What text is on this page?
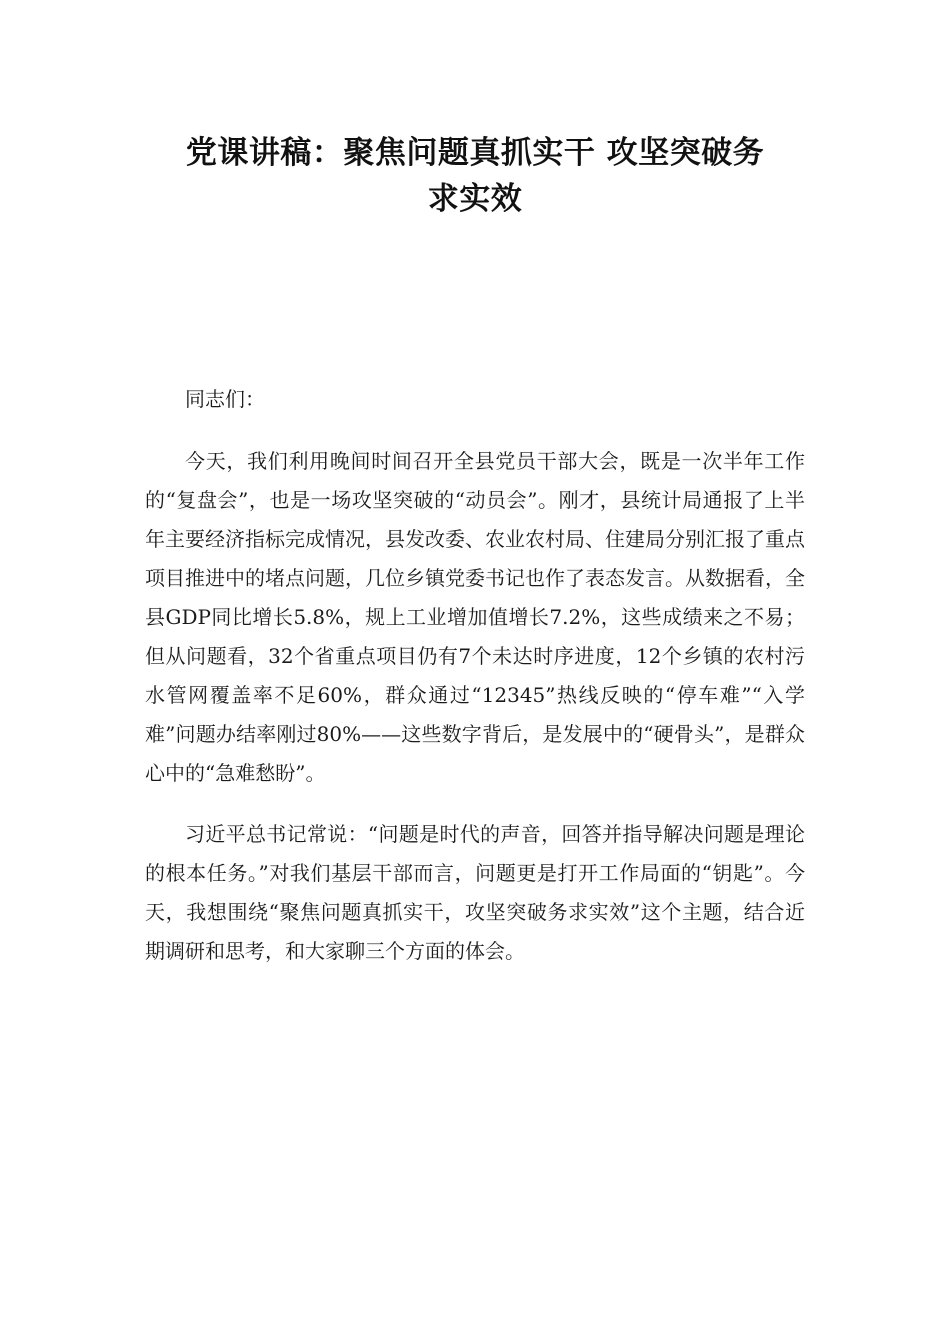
党课讲稿：聚焦问题真抓实干 攻坚突破务
求实效

同志们：

今天，我们利用晚间时间召开全县党员干部大会，既是一次半年工作的“复盘会”，也是一场攻坚突破的“动员会”。刚才，县统计局通报了上半年主要经济指标完成情况，县发改委、农业农村局、住建局分别汇报了重点项目推进中的堵点问题，几位乡镇党委书记也作了表态发言。从数据看，全县GDP同比增长5.8%，规上工业增加值增长7.2%，这些成绩来之不易；但从问题看，32个省重点项目仍有7个未达时序进度，12个乡镇的农村污水管网覆盖率不足60%，群众通过“12345”热线反映的“停车难”“入学难”问题办结率刚过80%——这些数字背后，是发展中的“硬骨头”，是群众心中的“急难愁盼”。

习近平总书记常说：“问题是时代的声音，回答并指导解决问题是理论的根本任务。”对我们基层干部而言，问题更是打开工作局面的“钥匙”。今天，我想围绕“聚焦问题真抓实干，攻坚突破务求实效”这个主题，结合近期调研和思考，和大家聊三个方面的体会。
